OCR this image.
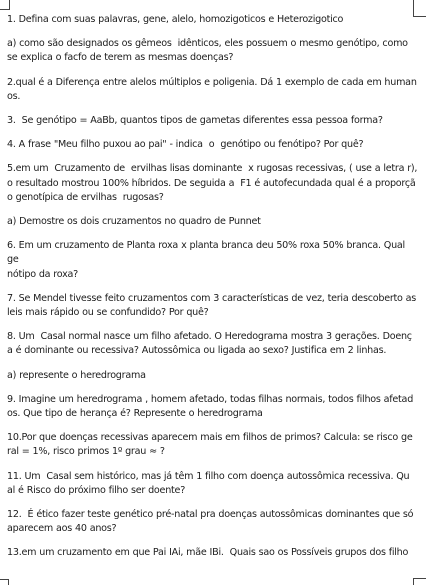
1. Defina com suas palavras, gene, alelo, homozigoticos e Heterozigotico

a) como são designados os gêmeos  idênticos, eles possuem o mesmo genótipo, como
se explica o facfo de terem as mesmas doenças?

2.qual é a Diferença entre alelos múltiplos e poligenia. Dá 1 exemplo de cada em human
os.

3.  Se genótipo = AaBb, quantos tipos de gametas diferentes essa pessoa forma?

4. A frase "Meu filho puxou ao pai" - indica  o  genótipo ou fenótipo? Por quê?

5.em um  Cruzamento de  ervilhas lisas dominante  x rugosas recessivas, ( use a letra r),
o resultado mostrou 100% híbridos. De seguida a  F1 é autofecundada qual é a proporçã
o genotípica de ervilhas  rugosas?

a) Demostre os dois cruzamentos no quadro de Punnet

6. Em um cruzamento de Planta roxa x planta branca deu 50% roxa 50% branca. Qual ge
nótipo da roxa?

7. Se Mendel tivesse feito cruzamentos com 3 características de vez, teria descoberto as
leis mais rápido ou se confundido? Por quê?

8. Um  Casal normal nasce um filho afetado. O Heredograma mostra 3 gerações. Doenç
a é dominante ou recessiva? Autossômica ou ligada ao sexo? Justifica em 2 linhas.

a) represente o heredrograma

9. Imagine um heredrograma , homem afetado, todas filhas normais, todos filhos afetad
os. Que tipo de herança é? Represente o heredrograma

10.Por que doenças recessivas aparecem mais em filhos de primos? Calcula: se risco ge
ral = 1%, risco primos 1º grau ≈ ?

11. Um  Casal sem histórico, mas já têm 1 filho com doença autossômica recessiva. Qu
al é Risco do próximo filho ser doente?

12.  É ético fazer teste genético pré-natal pra doenças autossômicas dominantes que só
aparecem aos 40 anos?

13.em um cruzamento em que Pai IAi, mãe IBi.  Quais sao os Possíveis grupos dos filho
